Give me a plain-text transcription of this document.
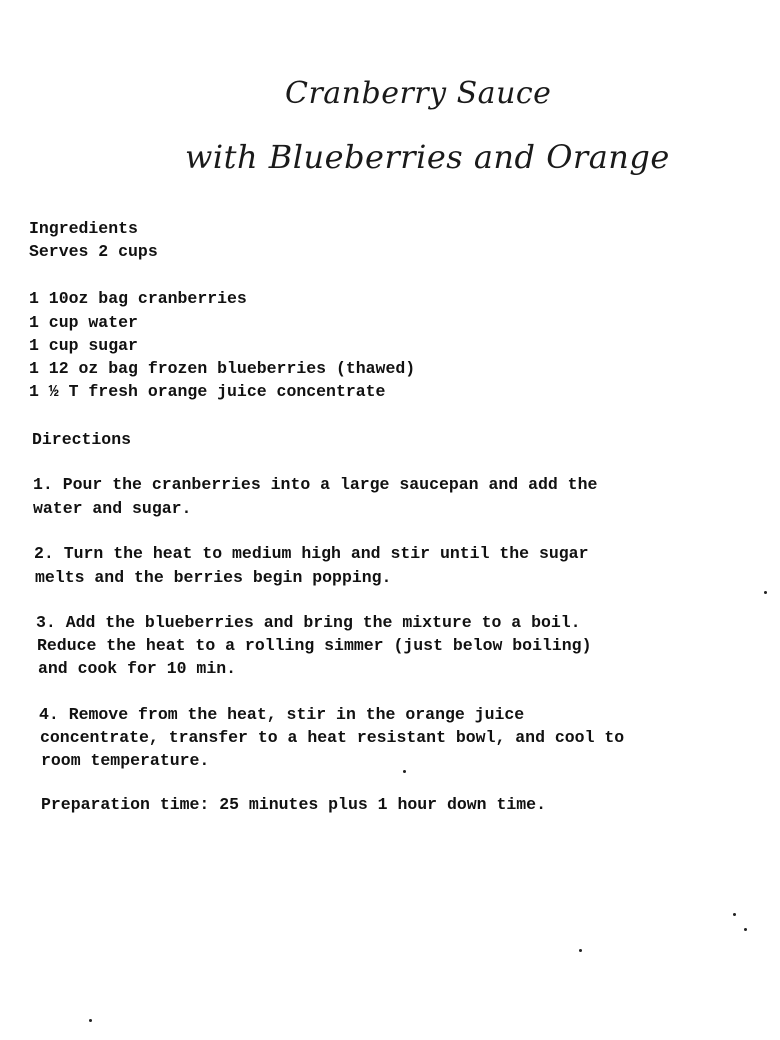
Cranberry Sauce
with Blueberries and Orange
Ingredients
Serves 2 cups
1 10oz bag cranberries
1 cup water
1 cup sugar
1 12 oz bag frozen blueberries (thawed)
1 ½ T fresh orange juice concentrate
Directions
1. Pour the cranberries into a large saucepan and add the
water and sugar.
2. Turn the heat to medium high and stir until the sugar
melts and the berries begin popping.
3. Add the blueberries and bring the mixture to a boil.
Reduce the heat to a rolling simmer (just below boiling)
and cook for 10 min.
4. Remove from the heat, stir in the orange juice
concentrate, transfer to a heat resistant bowl, and cool to
room temperature.
Preparation time: 25 minutes plus 1 hour down time.
